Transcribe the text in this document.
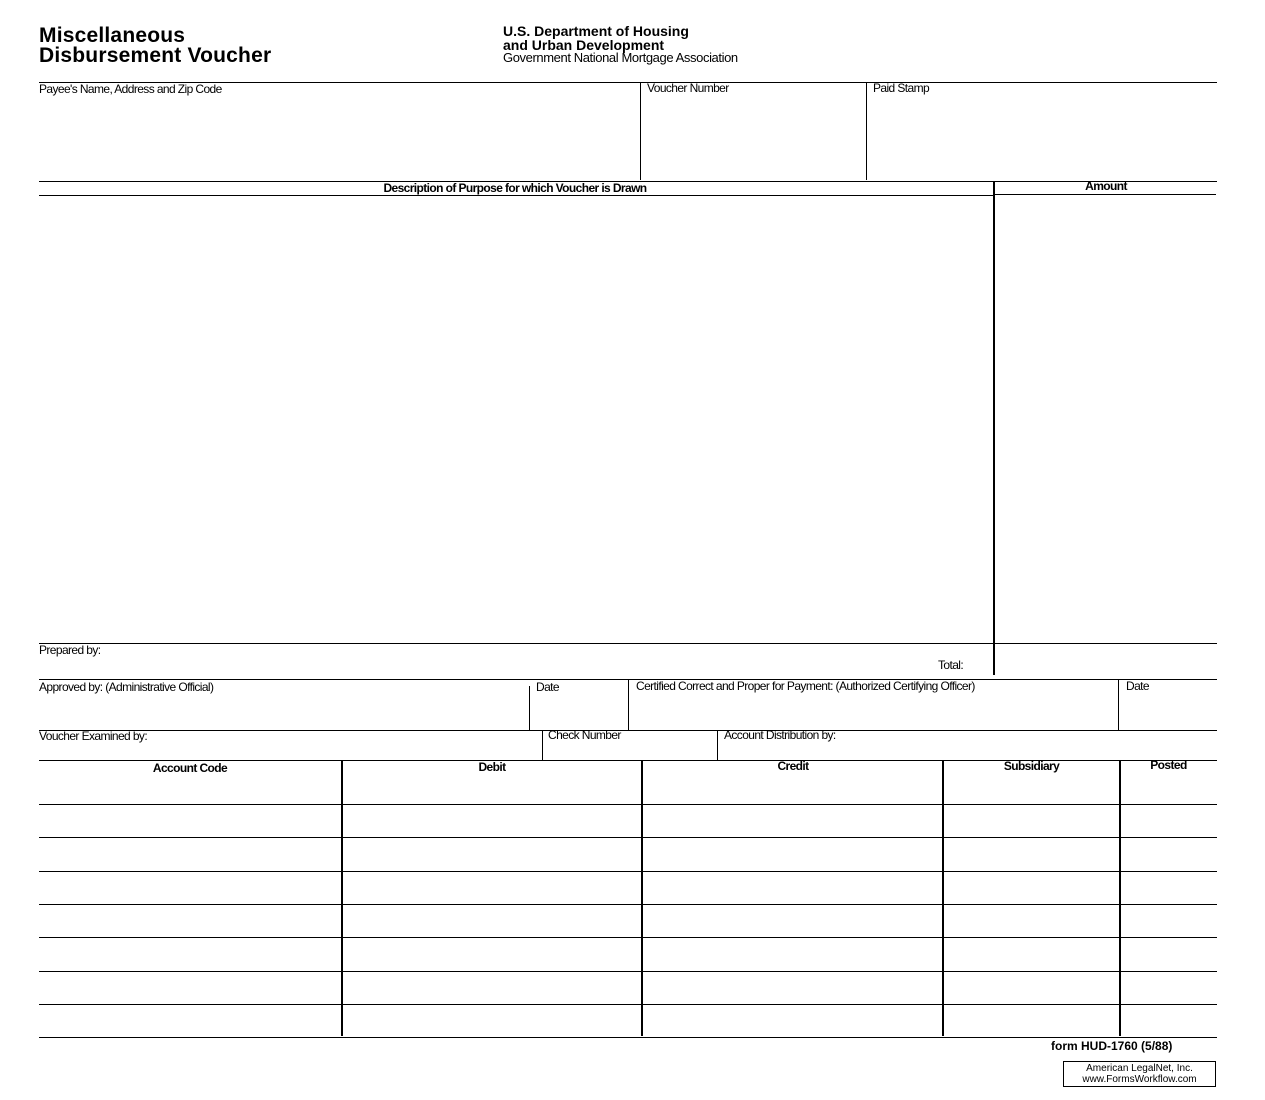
Miscellaneous
Disbursement Voucher
U.S. Department of Housing
and Urban Development
Government National Mortgage Association
Payee's Name, Address and Zip Code	Voucher Number	Paid Stamp
Description of Purpose for which Voucher is Drawn	Amount
Prepared by:
Total:
Approved by: (Administrative Official)	Date	Certified Correct and Proper for Payment: (Authorized Certifying Officer)	Date
Voucher Examined by:	Check Number	Account Distribution by:
Account Code	Debit	Credit	Subsidiary	Posted
form HUD-1760 (5/88)
American LegalNet, Inc.
www.FormsWorkflow.com
